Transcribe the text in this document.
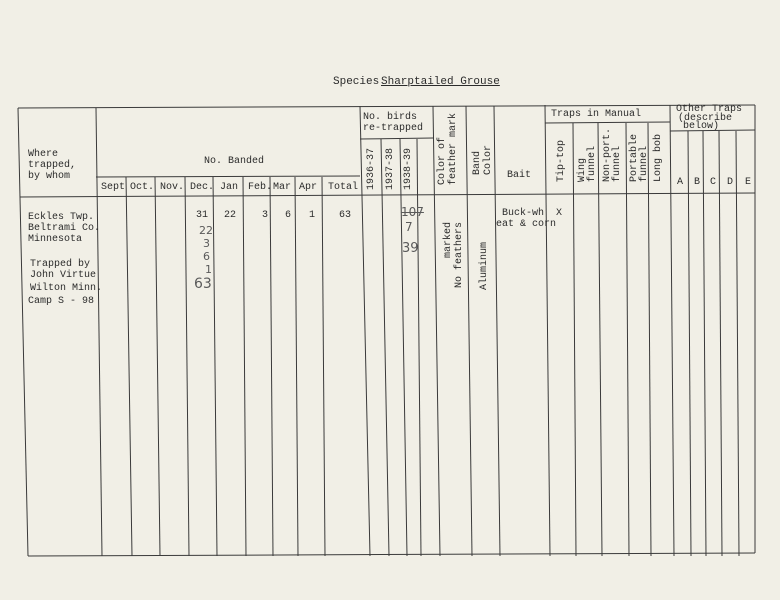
Species Sharptailed Grouse
Where
trapped,
by whom
No. Banded
Sept Oct. Nov. Dec. Jan Feb. Mar Apr Total
No. birds
re-trapped
1936-37 1937-38 1938-39 Color of feather mark Band Color
Bait
Traps in Manual
Tip-top Wing funnel Non-port. funnel Portable funnel Long bob
Other Traps
(describe
below)
A B C D E
Eckles Twp.
Beltrami Co.
Minnesota
Trapped by
John Virtue
Wilton Minn.
Camp S - 98
31 22	3 6 1 63
22
3
6
1
63
107
7
39 marked No feathers Aluminum
Buck-wh
eat & corn
X
